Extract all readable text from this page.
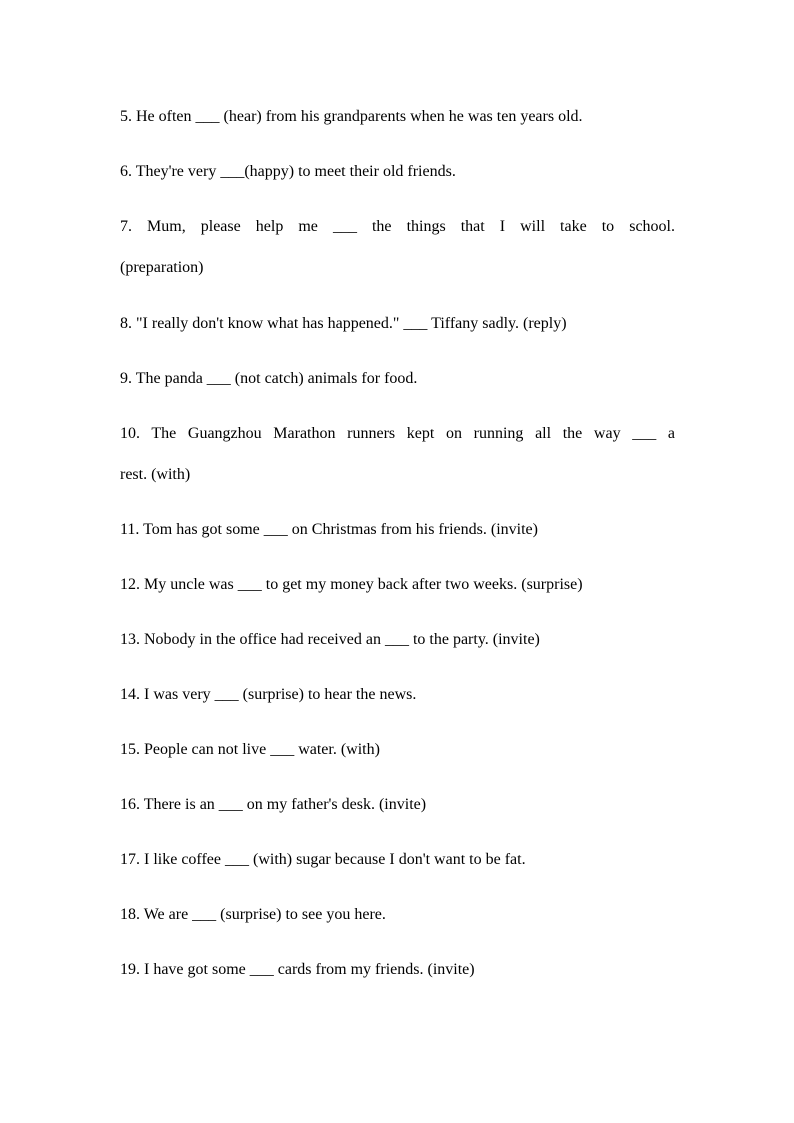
5. He often ___ (hear) from his grandparents when he was ten years old.

6. They're very ___(happy) to meet their old friends.

7. Mum, please help me ___ the things that I will take to school.
(preparation)

8. "I really don't know what has happened." ___ Tiffany sadly. (reply)

9. The panda ___ (not catch) animals for food.

10. The Guangzhou Marathon runners kept on running all the way ___ a
rest. (with)

11. Tom has got some ___ on Christmas from his friends. (invite)

12. My uncle was ___ to get my money back after two weeks. (surprise)

13. Nobody in the office had received an ___ to the party. (invite)

14. I was very ___ (surprise) to hear the news.

15. People can not live ___ water. (with)

16. There is an ___ on my father's desk. (invite)

17. I like coffee ___ (with) sugar because I don't want to be fat.

18. We are ___ (surprise) to see you here.

19. I have got some ___ cards from my friends. (invite)
